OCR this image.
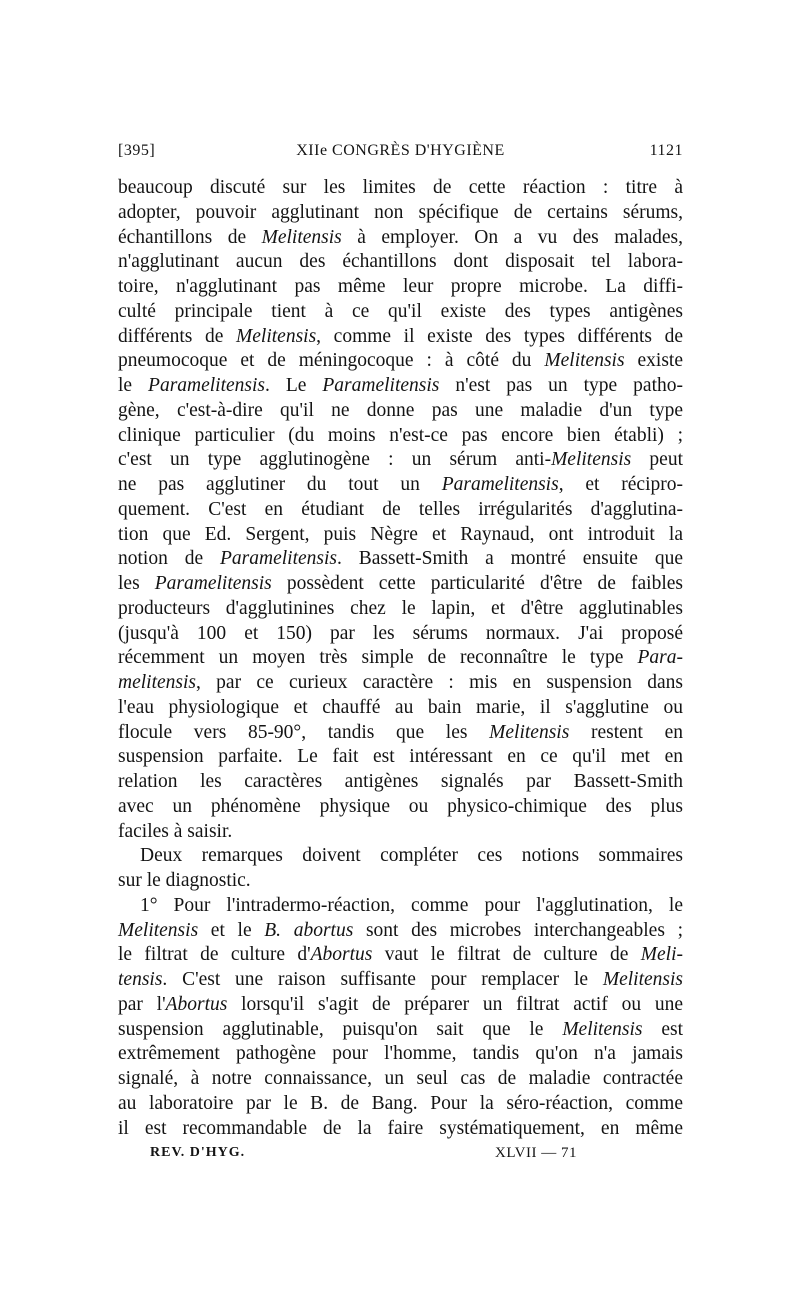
[395]	XIIe CONGRÈS D'HYGIÈNE	1121
beaucoup discuté sur les limites de cette réaction : titre à
adopter, pouvoir agglutinant non spécifique de certains sérums,
échantillons de Melitensis à employer. On a vu des malades,
n'agglutinant aucun des échantillons dont disposait tel labora-
toire, n'agglutinant pas même leur propre microbe. La diffi-
culté principale tient à ce qu'il existe des types antigènes
différents de Melitensis, comme il existe des types différents de
pneumocoque et de méningocoque : à côté du Melitensis existe
le Paramelitensis. Le Paramelitensis n'est pas un type patho-
gène, c'est-à-dire qu'il ne donne pas une maladie d'un type
clinique particulier (du moins n'est-ce pas encore bien établi) ;
c'est un type agglutinogène : un sérum anti-Melitensis peut
ne pas agglutiner du tout un Paramelitensis, et récipro-
quement. C'est en étudiant de telles irrégularités d'agglutina-
tion que Ed. Sergent, puis Nègre et Raynaud, ont introduit la
notion de Paramelitensis. Bassett-Smith a montré ensuite que
les Paramelitensis possèdent cette particularité d'être de faibles
producteurs d'agglutinines chez le lapin, et d'être agglutinables
(jusqu'à 100 et 150) par les sérums normaux. J'ai proposé
récemment un moyen très simple de reconnaître le type Para-
melitensis, par ce curieux caractère : mis en suspension dans
l'eau physiologique et chauffé au bain marie, il s'agglutine ou
flocule vers 85-90°, tandis que les Melitensis restent en
suspension parfaite. Le fait est intéressant en ce qu'il met en
relation les caractères antigènes signalés par Bassett-Smith
avec un phénomène physique ou physico-chimique des plus
faciles à saisir.
Deux remarques doivent compléter ces notions sommaires
sur le diagnostic.
1° Pour l'intradermo-réaction, comme pour l'agglutination, le
Melitensis et le B. abortus sont des microbes interchangeables ;
le filtrat de culture d'Abortus vaut le filtrat de culture de Meli-
tensis. C'est une raison suffisante pour remplacer le Melitensis
par l'Abortus lorsqu'il s'agit de préparer un filtrat actif ou une
suspension agglutinable, puisqu'on sait que le Melitensis est
extrêmement pathogène pour l'homme, tandis qu'on n'a jamais
signalé, à notre connaissance, un seul cas de maladie contractée
au laboratoire par le B. de Bang. Pour la séro-réaction, comme
il est recommandable de la faire systématiquement, en même
REV. D'HYG.	XLVII — 71
